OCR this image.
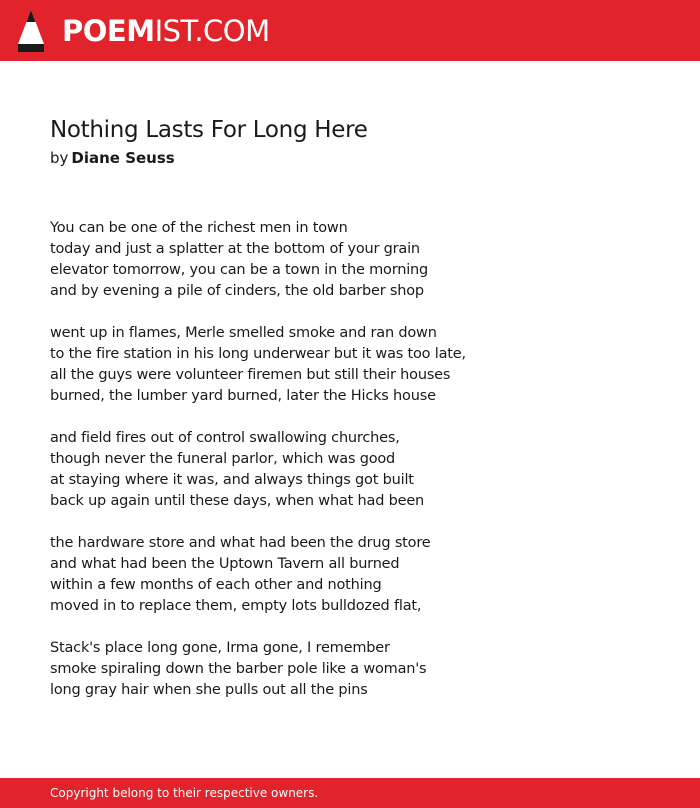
POEMIST.COM
Nothing Lasts For Long Here
by Diane Seuss
You can be one of the richest men in town
today and just a splatter at the bottom of your grain
elevator tomorrow, you can be a town in the morning
and by evening a pile of cinders, the old barber shop
went up in flames, Merle smelled smoke and ran down
to the fire station in his long underwear but it was too late,
all the guys were volunteer firemen but still their houses
burned, the lumber yard burned, later the Hicks house
and field fires out of control swallowing churches,
though never the funeral parlor, which was good
at staying where it was, and always things got built
back up again until these days, when what had been
the hardware store and what had been the drug store
and what had been the Uptown Tavern all burned
within a few months of each other and nothing
moved in to replace them, empty lots bulldozed flat,
Stack's place long gone, Irma gone, I remember
smoke spiraling down the barber pole like a woman's
long gray hair when she pulls out all the pins
Copyright belong to their respective owners.
